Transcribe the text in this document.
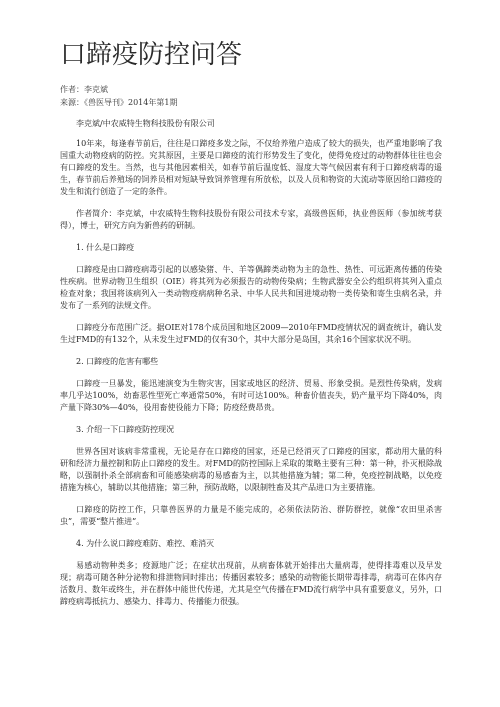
口蹄疫防控问答
作者：李克斌
来源：《兽医导刊》2014年第1期
李克斌/中农威特生物科技股份有限公司

10年来，每逢春节前后，往往是口蹄疫多发之际，不仅给养殖户造成了较大的损失，也严重地影响了我国重大动物疫病的防控。究其原因，主要是口蹄疫的流行形势发生了变化，使得免疫过的动物群体往往也会有口蹄疫的发生。当然，也与其他因素相关，如春节前后温度低、湿度大等气候因素有利于口蹄疫病毒的遥生，春节前后养殖场的饲养员相对短缺导致饲养管理有所放松，以及人员和物资的大流动等原因给口蹄疫的发生和流行创造了一定的条件。

作者简介：李克斌，中农威特生物科技股份有限公司技术专家，高级兽医师，执业兽医师（参加统考获得），博士，研究方向为新兽药的研制。

1. 什么是口蹄疫

口蹄疫是由口蹄疫病毒引起的以感染猪、牛、羊等偶蹄类动物为主的急性、热性、可远距离传播的传染性疾病。世界动物卫生组织（OIE）将其列为必须报告的动物传染病；生物武器安全公约组织将其列入重点检查对象；我国将该病列入一类动物疫病病种名录、中华人民共和国进境动物一类传染和寄生虫病名录，并发布了一系列的法规文件。

口蹄疫分布范围广泛。据OIE对178个成员国和地区2009—2010年FMD疫情状况的调查统计，确认发生过FMD的有132个，从未发生过FMD的仅有30个，其中大部分是岛国，其余16个国家状况不明。

2. 口蹄疫的危害有哪些

口蹄疫一旦暴发，能迅速演变为生物灾害，国家或地区的经济、贸易、形象受损。是烈性传染病，发病率几乎达100%，幼畜恶性型死亡率通常50%，有时可达100%。种畜价值丧失，奶产量平均下降40%，肉产量下降30%—40%，役用畜使役能力下降；防疫经费昂贵。

3. 介绍一下口蹄疫防控现况

世界各国对该病非常重视，无论是存在口蹄疫的国家，还是已经消灭了口蹄疫的国家，都动用大量的科研和经济力量控制和防止口蹄疫的发生。对FMD的防控国际上采取的策略主要有三种：第一种，扑灭根除战略，以强制扑杀全部病畜和可能感染病毒的易感畜为主，以其他措施为辅；第二种，免疫控制战略，以免疫措施为核心，辅助以其他措施；第三种，预防战略，以限制牲畜及其产品进口为主要措施。

口蹄疫的防控工作，只靠兽医界的力量是不能完成的，必须依法防治、群防群控，就像“农田里杀害虫”，需要“整片推进”。

4. 为什么说口蹄疫难防、难控、难消灭

易感动物种类多；疫源地广泛；在症状出现前，从病畜体就开始排出大量病毒，使得排毒难以及早发现；病毒可随各种分泌物和排泄物同时排出；传播因素较多；感染的动物能长期带毒排毒，病毒可在体内存活数月、数年或终生，并在群体中能世代传递，尤其是空气传播在FMD流行病学中具有重要意义，另外，口蹄疫病毒抵抗力、感染力、排毒力、传播能力很强。
